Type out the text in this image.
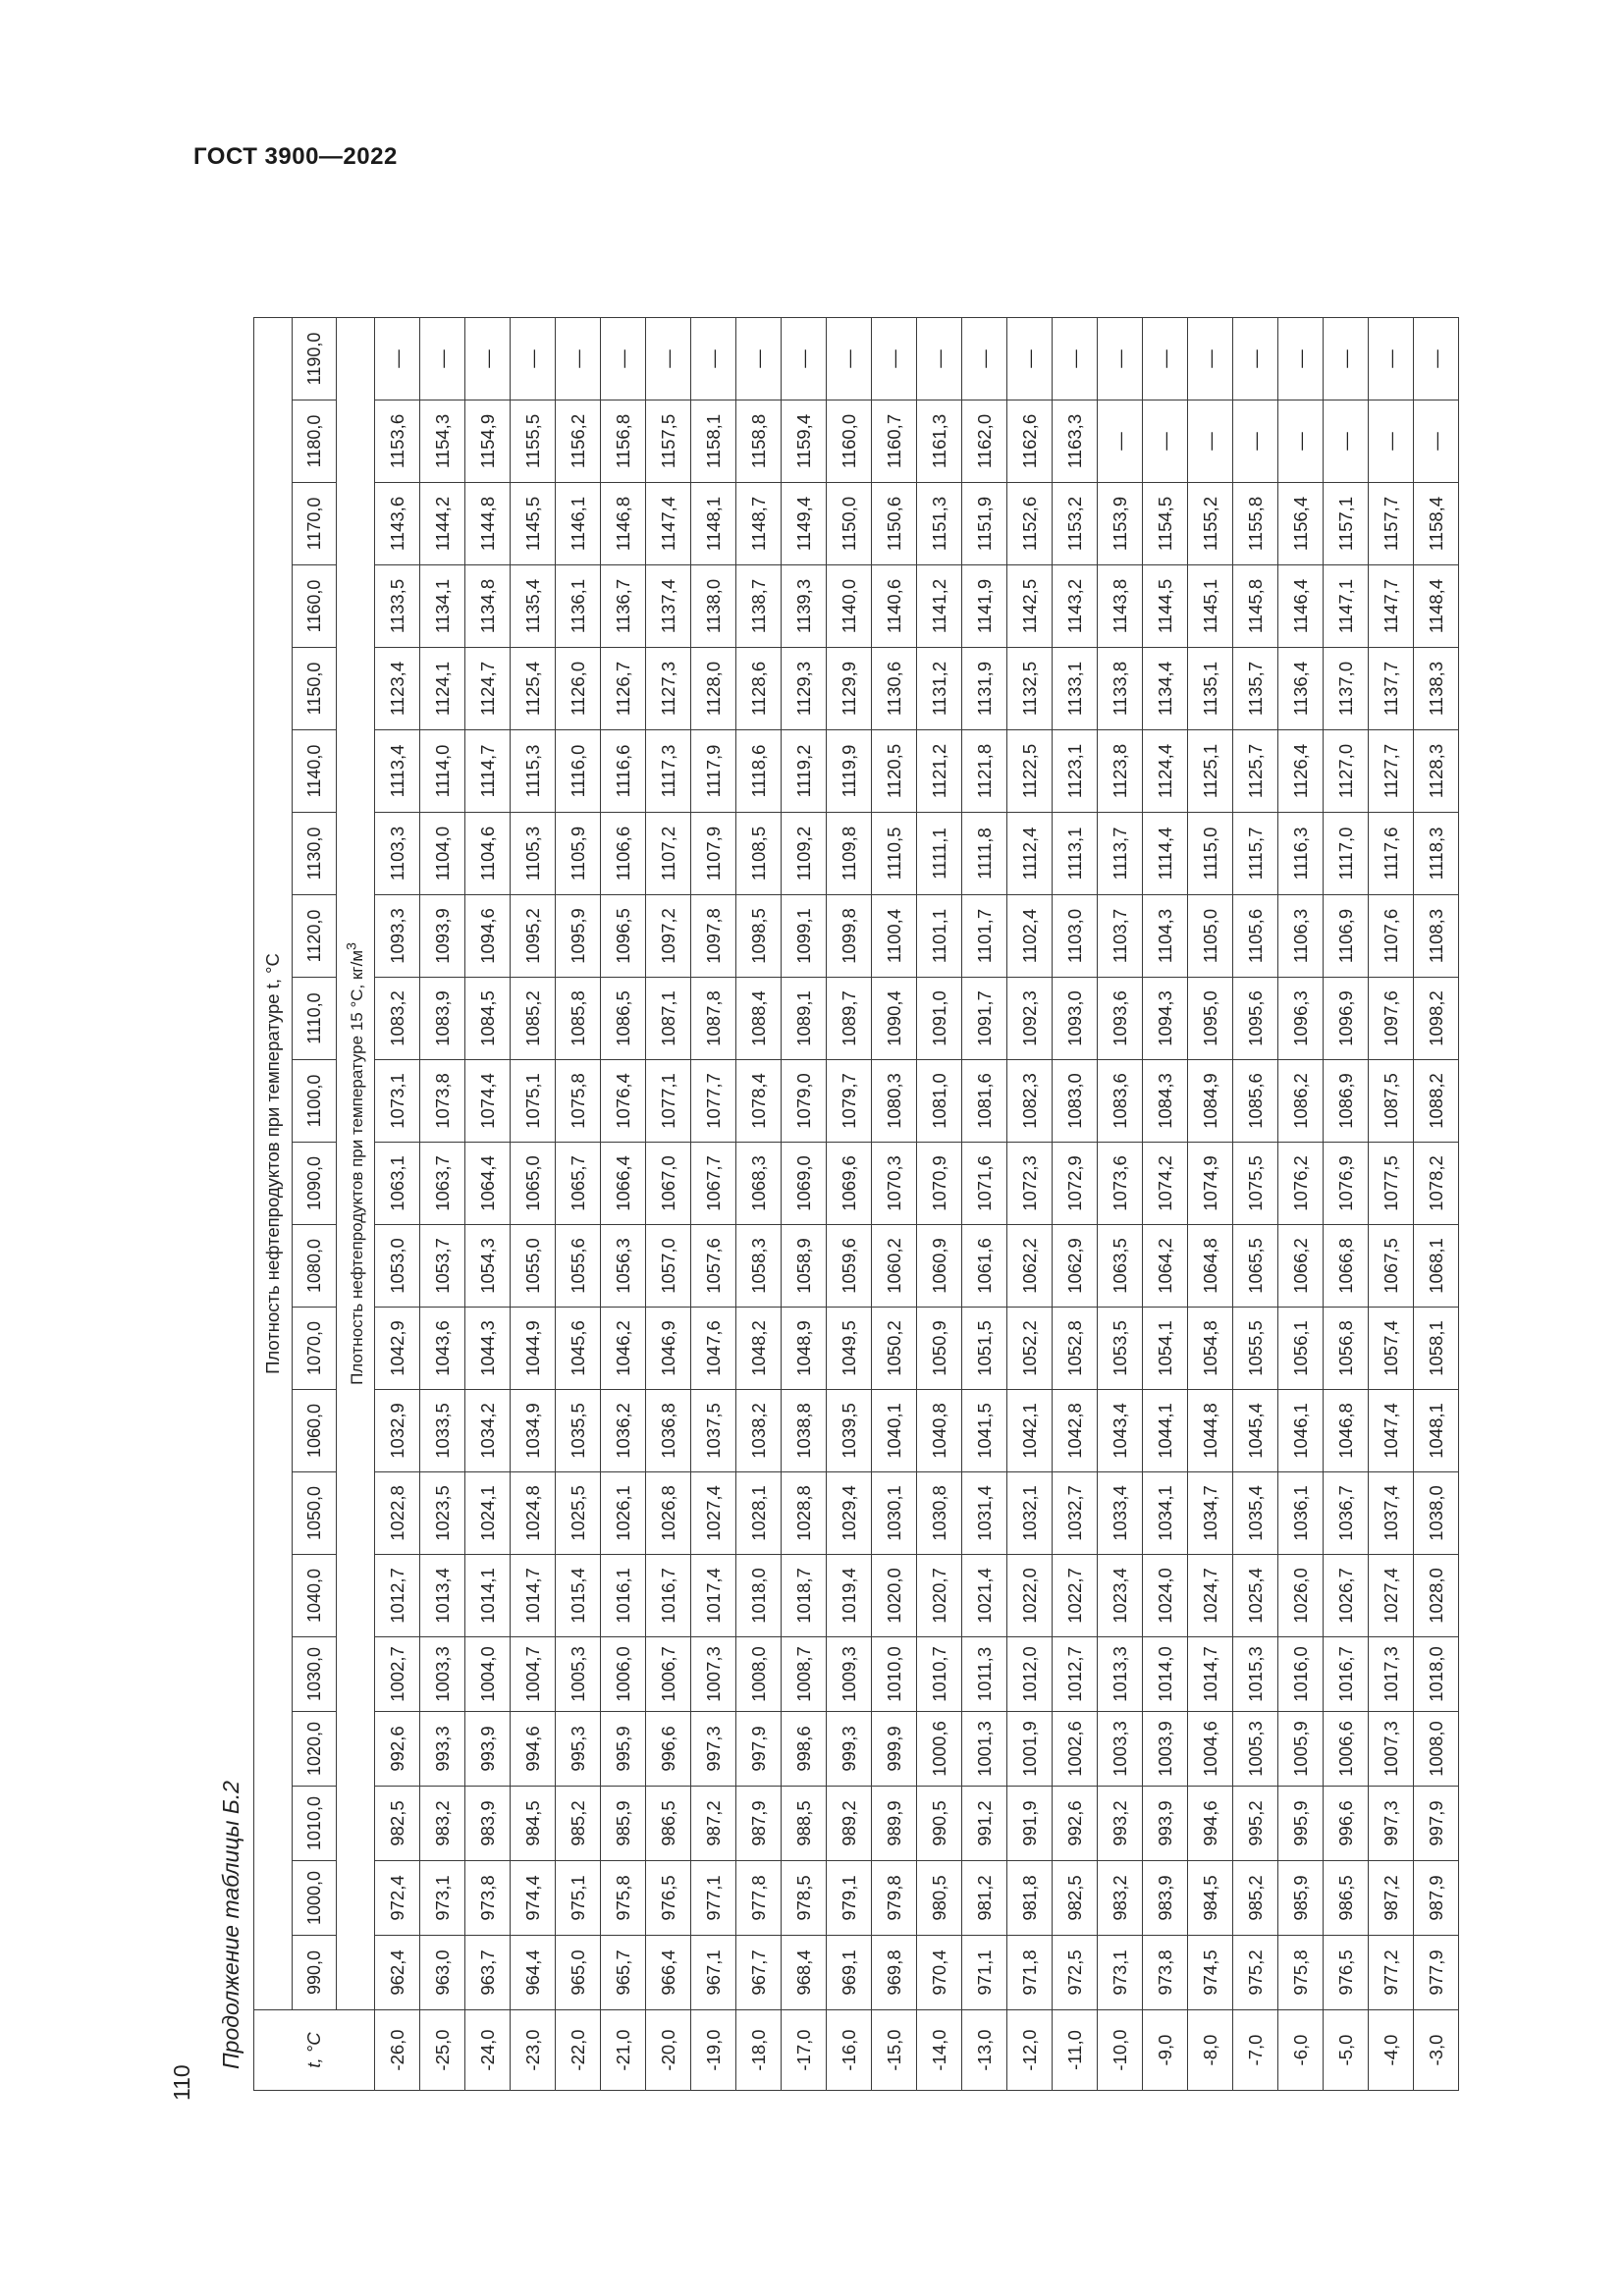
ГОСТ 3900—2022
110
Продолжение таблицы Б.2	t, °C	Плотность нефтепродуктов при температуре t, °C																				
	990,0	1000,0	1010,0	1020,0	1030,0	1040,0	1050,0	1060,0	1070,0	1080,0	1090,0	1100,0	1110,0	1120,0	1130,0	1140,0	1150,0	1160,0	1170,0	1180,0	1190,0
	Плотность нефтепродуктов при температуре 15 °C, $кг/м^3$
-26,0	962,4	972,4	982,5	992,6	1002,7	1012,7	1022,8	1032,9	1042,9	1053,0	1063,1	1073,1	1083,2	1093,3	1103,3	1113,4	1123,4	1133,5	1143,6	1153,6	—
-25,0	963,0	973,1	983,2	993,3	1003,3	1013,4	1023,5	1033,5	1043,6	1053,7	1063,7	1073,8	1083,9	1093,9	1104,0	1114,0	1124,1	1134,1	1144,2	1154,3	—
-24,0	963,7	973,8	983,9	993,9	1004,0	1014,1	1024,1	1034,2	1044,3	1054,3	1064,4	1074,4	1084,5	1094,6	1104,6	1114,7	1124,7	1134,8	1144,8	1154,9	—
-23,0	964,4	974,4	984,5	994,6	1004,7	1014,7	1024,8	1034,9	1044,9	1055,0	1065,0	1075,1	1085,2	1095,2	1105,3	1115,3	1125,4	1135,4	1145,5	1155,5	—
-22,0	965,0	975,1	985,2	995,3	1005,3	1015,4	1025,5	1035,5	1045,6	1055,6	1065,7	1075,8	1085,8	1095,9	1105,9	1116,0	1126,0	1136,1	1146,1	1156,2	—
-21,0	965,7	975,8	985,9	995,9	1006,0	1016,1	1026,1	1036,2	1046,2	1056,3	1066,4	1076,4	1086,5	1096,5	1106,6	1116,6	1126,7	1136,7	1146,8	1156,8	—
-20,0	966,4	976,5	986,5	996,6	1006,7	1016,7	1026,8	1036,8	1046,9	1057,0	1067,0	1077,1	1087,1	1097,2	1107,2	1117,3	1127,3	1137,4	1147,4	1157,5	—
-19,0	967,1	977,1	987,2	997,3	1007,3	1017,4	1027,4	1037,5	1047,6	1057,6	1067,7	1077,7	1087,8	1097,8	1107,9	1117,9	1128,0	1138,0	1148,1	1158,1	—
-18,0	967,7	977,8	987,9	997,9	1008,0	1018,0	1028,1	1038,2	1048,2	1058,3	1068,3	1078,4	1088,4	1098,5	1108,5	1118,6	1128,6	1138,7	1148,7	1158,8	—
-17,0	968,4	978,5	988,5	998,6	1008,7	1018,7	1028,8	1038,8	1048,9	1058,9	1069,0	1079,0	1089,1	1099,1	1109,2	1119,2	1129,3	1139,3	1149,4	1159,4	—
-16,0	969,1	979,1	989,2	999,3	1009,3	1019,4	1029,4	1039,5	1049,5	1059,6	1069,6	1079,7	1089,7	1099,8	1109,8	1119,9	1129,9	1140,0	1150,0	1160,0	—
-15,0	969,8	979,8	989,9	999,9	1010,0	1020,0	1030,1	1040,1	1050,2	1060,2	1070,3	1080,3	1090,4	1100,4	1110,5	1120,5	1130,6	1140,6	1150,6	1160,7	—
-14,0	970,4	980,5	990,5	1000,6	1010,7	1020,7	1030,8	1040,8	1050,9	1060,9	1070,9	1081,0	1091,0	1101,1	1111,1	1121,2	1131,2	1141,2	1151,3	1161,3	—
-13,0	971,1	981,2	991,2	1001,3	1011,3	1021,4	1031,4	1041,5	1051,5	1061,6	1071,6	1081,6	1091,7	1101,7	1111,8	1121,8	1131,9	1141,9	1151,9	1162,0	—
-12,0	971,8	981,8	991,9	1001,9	1012,0	1022,0	1032,1	1042,1	1052,2	1062,2	1072,3	1082,3	1092,3	1102,4	1112,4	1122,5	1132,5	1142,5	1152,6	1162,6	—
-11,0	972,5	982,5	992,6	1002,6	1012,7	1022,7	1032,7	1042,8	1052,8	1062,9	1072,9	1083,0	1093,0	1103,0	1113,1	1123,1	1133,1	1143,2	1153,2	1163,3	—
-10,0	973,1	983,2	993,2	1003,3	1013,3	1023,4	1033,4	1043,4	1053,5	1063,5	1073,6	1083,6	1093,6	1103,7	1113,7	1123,8	1133,8	1143,8	1153,9	—	—
-9,0	973,8	983,9	993,9	1003,9	1014,0	1024,0	1034,1	1044,1	1054,1	1064,2	1074,2	1084,3	1094,3	1104,3	1114,4	1124,4	1134,4	1144,5	1154,5	—	—
-8,0	974,5	984,5	994,6	1004,6	1014,7	1024,7	1034,7	1044,8	1054,8	1064,8	1074,9	1084,9	1095,0	1105,0	1115,0	1125,1	1135,1	1145,1	1155,2	—	—
-7,0	975,2	985,2	995,2	1005,3	1015,3	1025,4	1035,4	1045,4	1055,5	1065,5	1075,5	1085,6	1095,6	1105,6	1115,7	1125,7	1135,7	1145,8	1155,8	—	—
-6,0	975,8	985,9	995,9	1005,9	1016,0	1026,0	1036,1	1046,1	1056,1	1066,2	1076,2	1086,2	1096,3	1106,3	1116,3	1126,4	1136,4	1146,4	1156,4	—	—
-5,0	976,5	986,5	996,6	1006,6	1016,7	1026,7	1036,7	1046,8	1056,8	1066,8	1076,9	1086,9	1096,9	1106,9	1117,0	1127,0	1137,0	1147,1	1157,1	—	—
-4,0	977,2	987,2	997,3	1007,3	1017,3	1027,4	1037,4	1047,4	1057,4	1067,5	1077,5	1087,5	1097,6	1107,6	1117,6	1127,7	1137,7	1147,7	1157,7	—	—
-3,0	977,9	987,9	997,9	1008,0	1018,0	1028,0	1038,0	1048,1	1058,1	1068,1	1078,2	1088,2	1098,2	1108,3	1118,3	1128,3	1138,3	1148,4	1158,4	—	—
